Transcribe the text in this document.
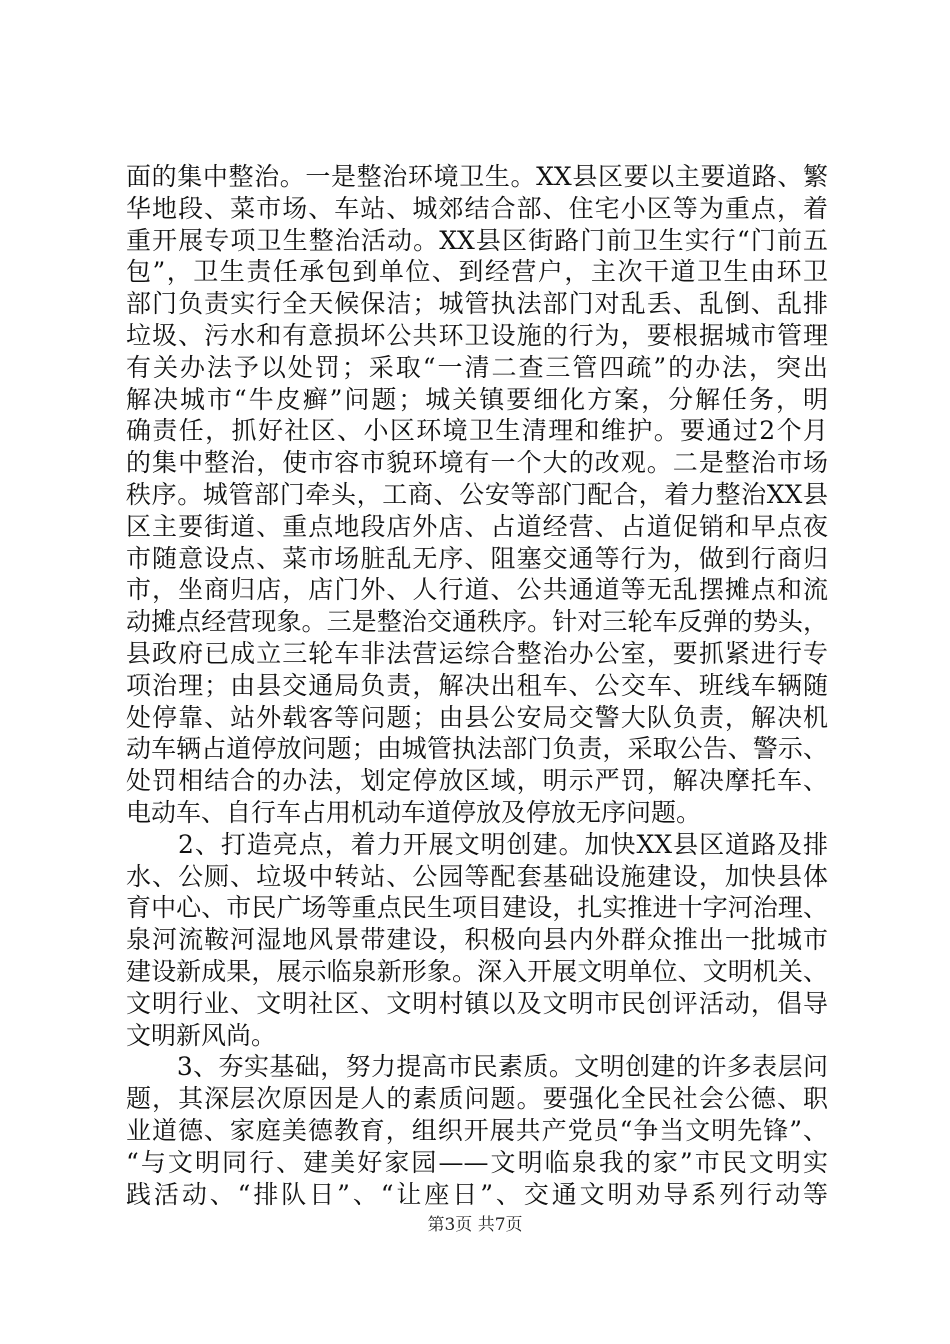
面的集中整治。一是整治环境卫生。XX县区要以主要道路、繁
华地段、菜市场、车站、城郊结合部、住宅小区等为重点，着
重开展专项卫生整治活动。XX县区街路门前卫生实行“门前五
包”，卫生责任承包到单位、到经营户，主次干道卫生由环卫
部门负责实行全天候保洁；城管执法部门对乱丢、乱倒、乱排
垃圾、污水和有意损坏公共环卫设施的行为，要根据城市管理
有关办法予以处罚；采取“一清二查三管四疏”的办法，突出
解决城市“牛皮癣”问题；城关镇要细化方案，分解任务，明
确责任，抓好社区、小区环境卫生清理和维护。要通过2个月
的集中整治，使市容市貌环境有一个大的改观。二是整治市场
秩序。城管部门牵头，工商、公安等部门配合，着力整治XX县
区主要街道、重点地段店外店、占道经营、占道促销和早点夜
市随意设点、菜市场脏乱无序、阻塞交通等行为，做到行商归
市，坐商归店，店门外、人行道、公共通道等无乱摆摊点和流
动摊点经营现象。三是整治交通秩序。针对三轮车反弹的势头，
县政府已成立三轮车非法营运综合整治办公室，要抓紧进行专
项治理；由县交通局负责，解决出租车、公交车、班线车辆随
处停靠、站外载客等问题；由县公安局交警大队负责，解决机
动车辆占道停放问题；由城管执法部门负责，采取公告、警示、
处罚相结合的办法，划定停放区域，明示严罚，解决摩托车、
电动车、自行车占用机动车道停放及停放无序问题。
　　2、打造亮点，着力开展文明创建。加快XX县区道路及排
水、公厕、垃圾中转站、公园等配套基础设施建设，加快县体
育中心、市民广场等重点民生项目建设，扎实推进十字河治理、
泉河流鞍河湿地风景带建设，积极向县内外群众推出一批城市
建设新成果，展示临泉新形象。深入开展文明单位、文明机关、
文明行业、文明社区、文明村镇以及文明市民创评活动，倡导
文明新风尚。
　　3、夯实基础，努力提高市民素质。文明创建的许多表层问
题，其深层次原因是人的素质问题。要强化全民社会公德、职
业道德、家庭美德教育，组织开展共产党员“争当文明先锋”、
“与文明同行、建美好家园——文明临泉我的家”市民文明实
践活动、“排队日”、“让座日”、交通文明劝导系列行动等
第3页 共7页
